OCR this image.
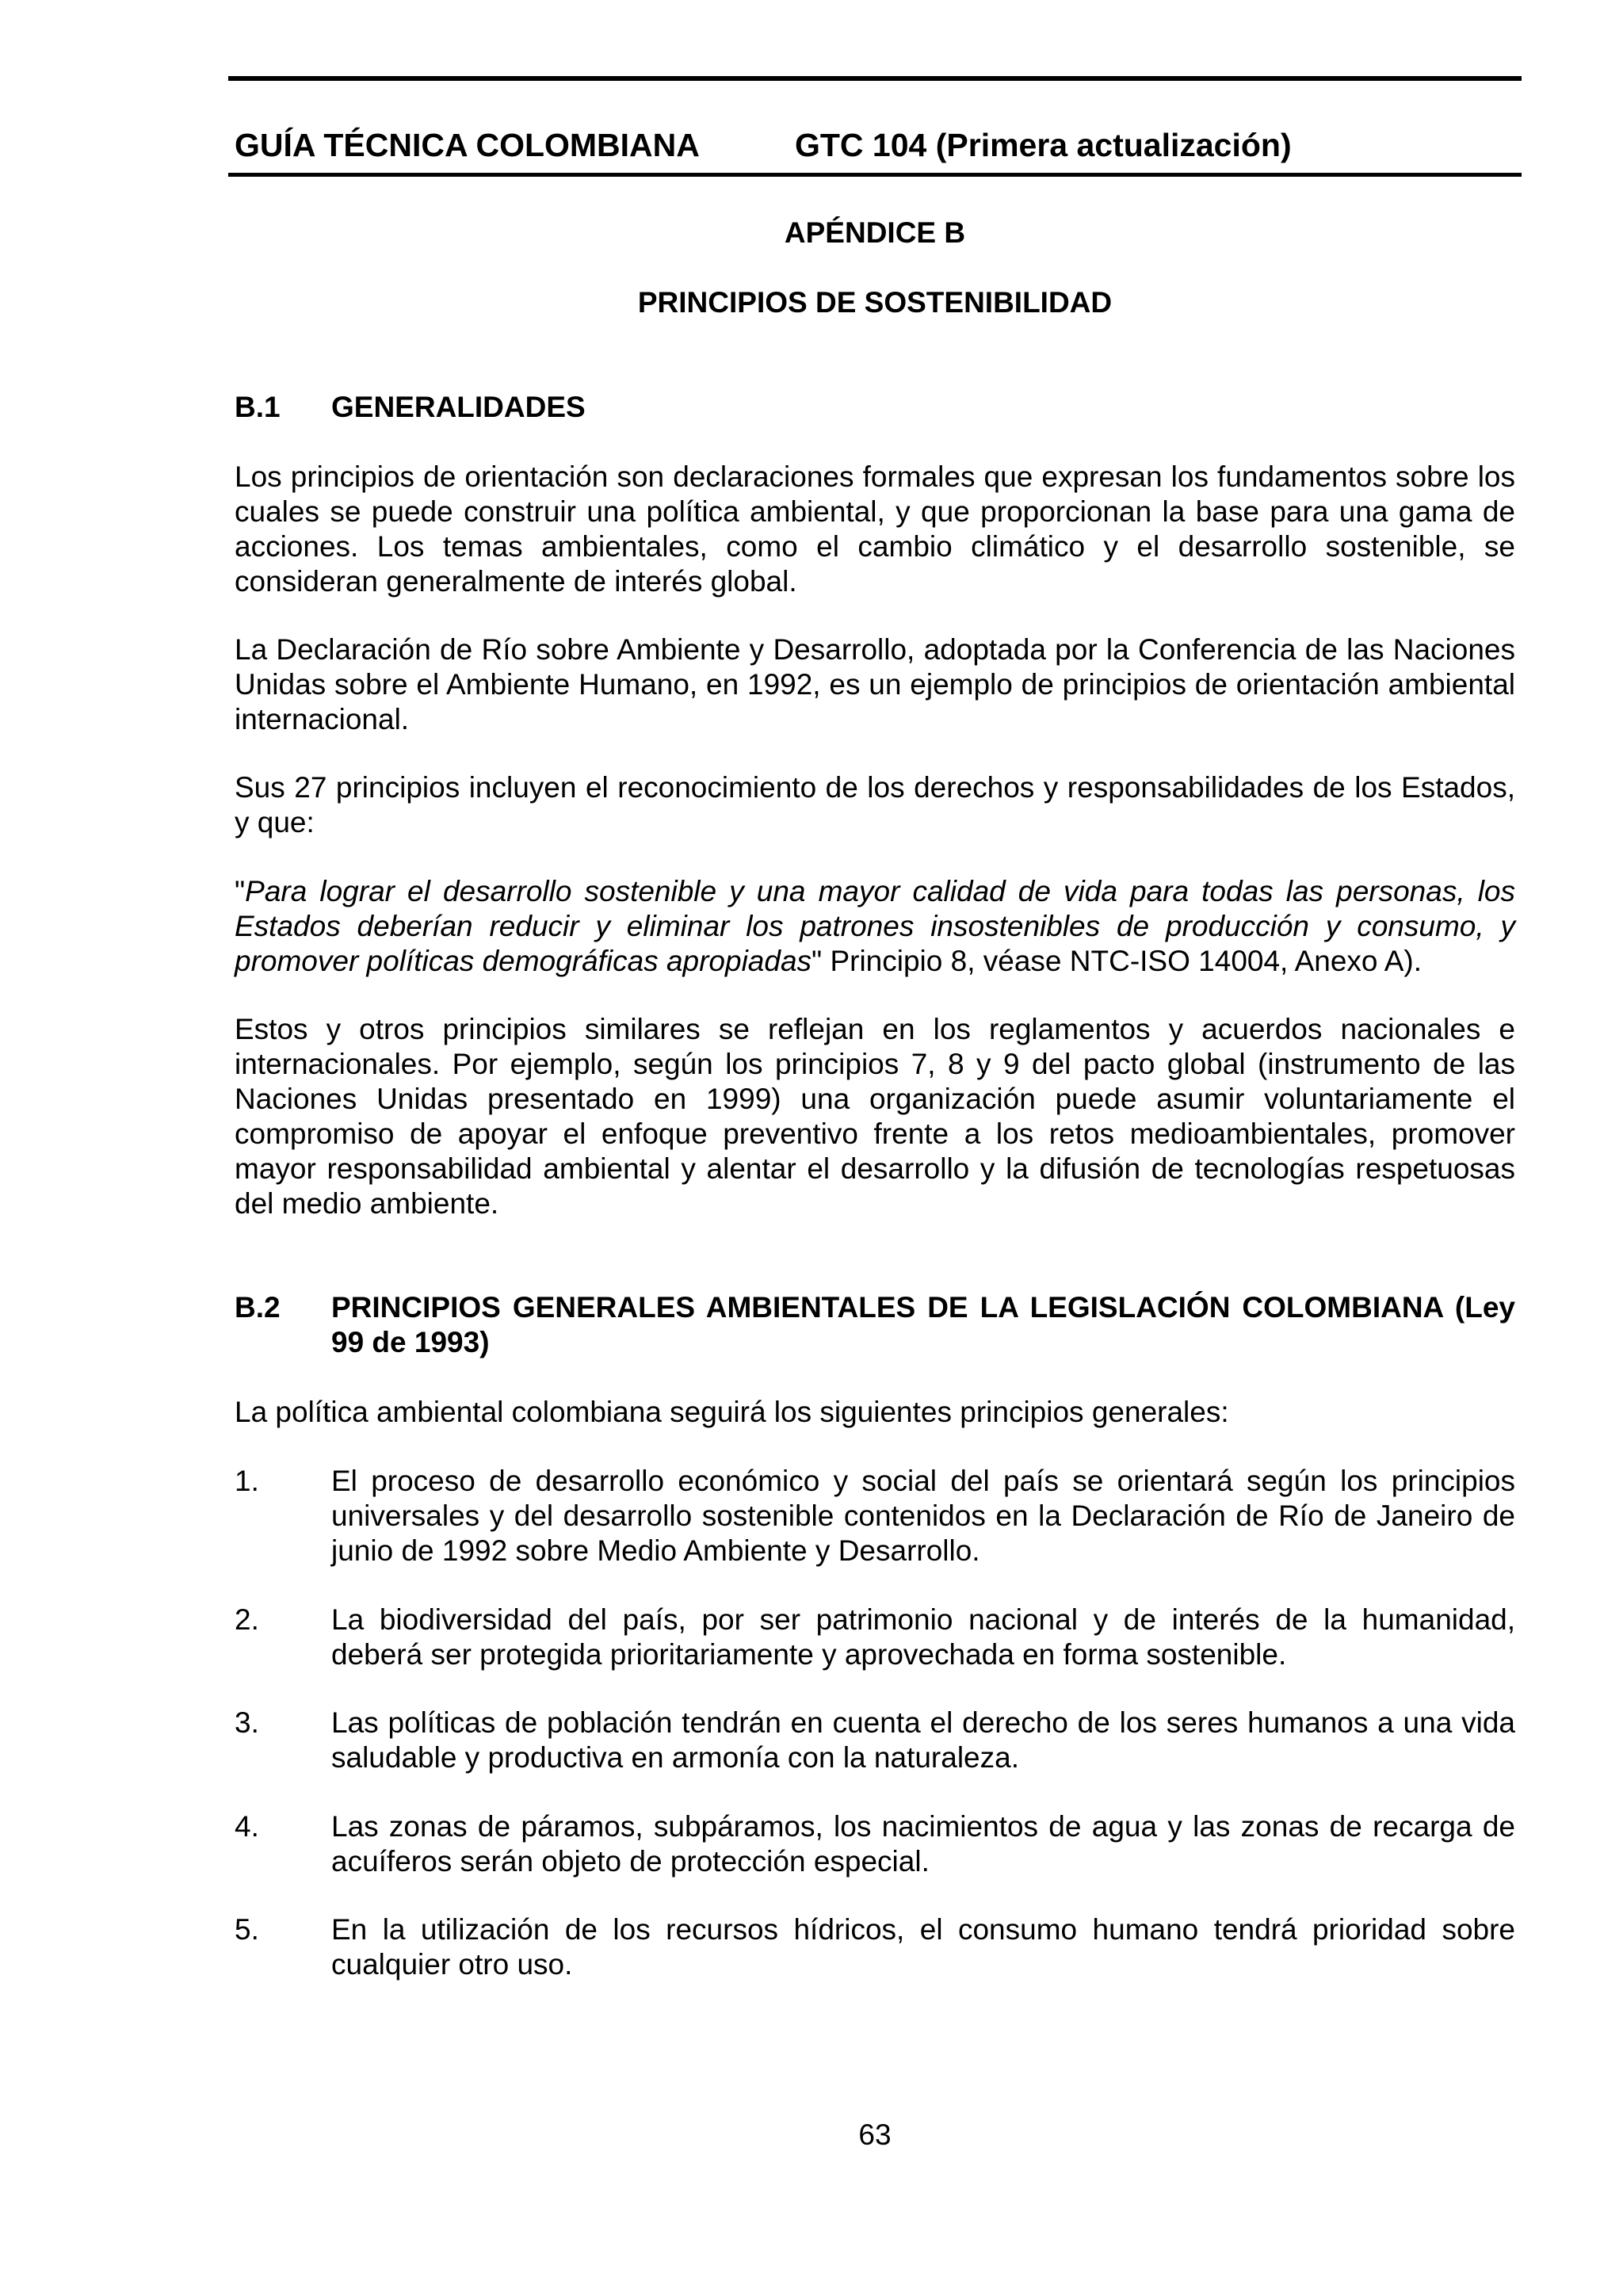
GUÍA TÉCNICA COLOMBIANA	GTC 104 (Primera actualización)
APÉNDICE B
PRINCIPIOS DE SOSTENIBILIDAD
B.1 GENERALIDADES

Los principios de orientación son declaraciones formales que expresan los fundamentos sobre los cuales se puede construir una política ambiental, y que proporcionan la base para una gama de acciones. Los temas ambientales, como el cambio climático y el desarrollo sostenible, se consideran generalmente de interés global.

La Declaración de Río sobre Ambiente y Desarrollo, adoptada por la Conferencia de las Naciones Unidas sobre el Ambiente Humano, en 1992, es un ejemplo de principios de orientación ambiental internacional.

Sus 27 principios incluyen el reconocimiento de los derechos y responsabilidades de los Estados, y que:

"Para lograr el desarrollo sostenible y una mayor calidad de vida para todas las personas, los Estados deberían reducir y eliminar los patrones insostenibles de producción y consumo, y promover políticas demográficas apropiadas" Principio 8, véase NTC-ISO 14004, Anexo A).

Estos y otros principios similares se reflejan en los reglamentos y acuerdos nacionales e internacionales. Por ejemplo, según los principios 7, 8 y 9 del pacto global (instrumento de las Naciones Unidas presentado en 1999) una organización puede asumir voluntariamente el compromiso de apoyar el enfoque preventivo frente a los retos medioambientales, promover mayor responsabilidad ambiental y alentar el desarrollo y la difusión de tecnologías respetuosas del medio ambiente.

B.2 PRINCIPIOS GENERALES AMBIENTALES DE LA LEGISLACIÓN COLOMBIANA (Ley 99 de 1993)

La política ambiental colombiana seguirá los siguientes principios generales:

1. El proceso de desarrollo económico y social del país se orientará según los principios universales y del desarrollo sostenible contenidos en la Declaración de Río de Janeiro de junio de 1992 sobre Medio Ambiente y Desarrollo.
2. La biodiversidad del país, por ser patrimonio nacional y de interés de la humanidad, deberá ser protegida prioritariamente y aprovechada en forma sostenible.
3. Las políticas de población tendrán en cuenta el derecho de los seres humanos a una vida saludable y productiva en armonía con la naturaleza.
4. Las zonas de páramos, subpáramos, los nacimientos de agua y las zonas de recarga de acuíferos serán objeto de protección especial.
5. En la utilización de los recursos hídricos, el consumo humano tendrá prioridad sobre cualquier otro uso.
63
